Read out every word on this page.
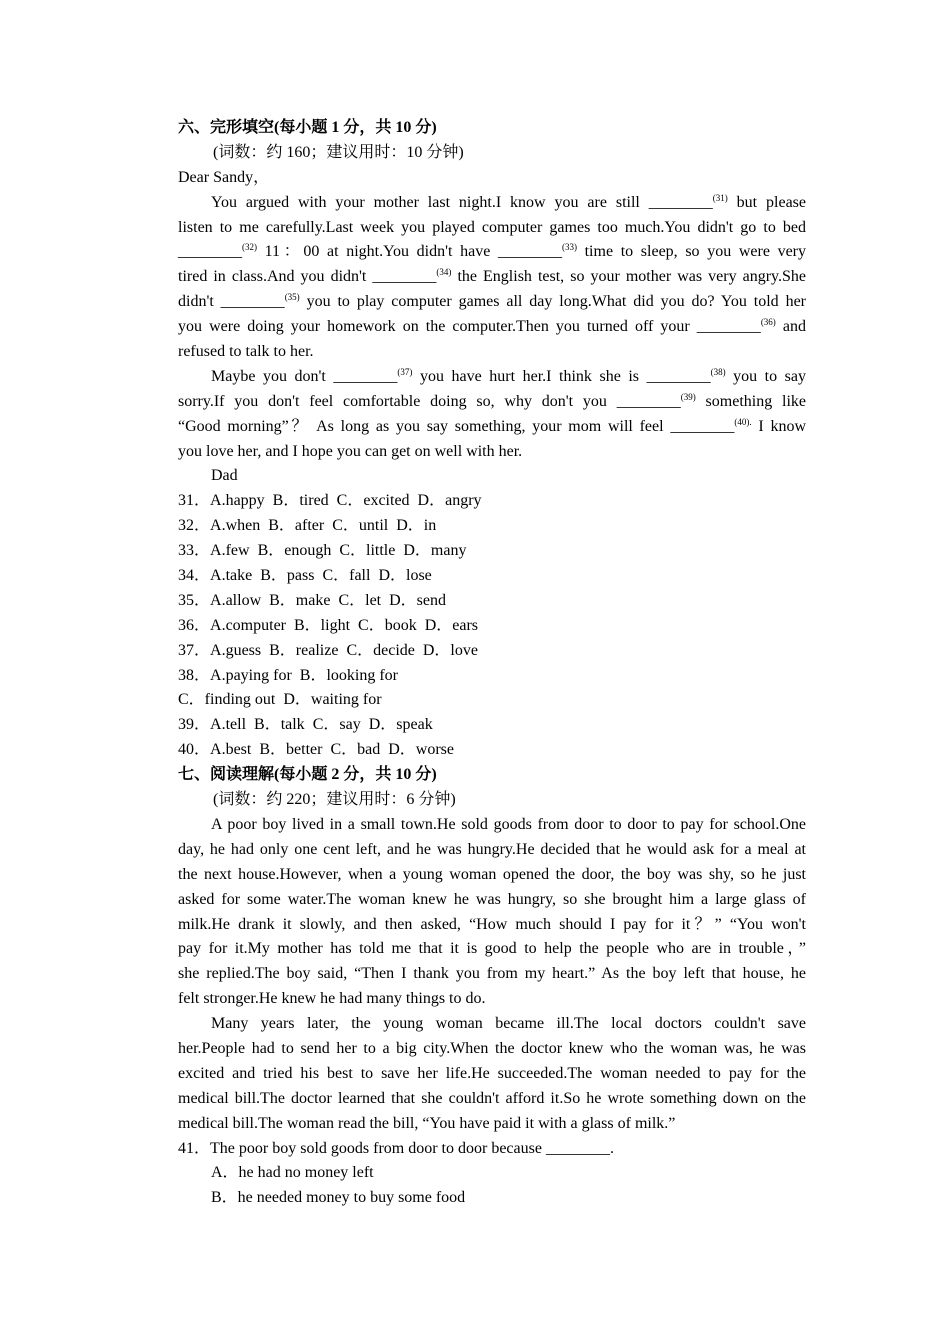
六、完形填空(每小题 1 分，共 10 分)
(词数：约 160；建议用时：10 分钟)
Dear Sandy，
You argued with your mother last night.I know you are still ________$^{(31)}$ but please
listen to me carefully.Last week you played computer games too much.You didn't go to bed
________$^{(32)}$ 11：00 at night.You didn't have ________$^{(33)}$ time to sleep, so you were very
tired in class.And you didn't ________$^{(34)}$ the English test, so your mother was very angry.She
didn't ________$^{(35)}$ you to play computer games all day long.What did you do? You told her
you were doing your homework on the computer.Then you turned off your ________$^{(36)}$ and
refused to talk to her.
Maybe you don't ________$^{(37)}$ you have hurt her.I think she is ________$^{(38)}$ you to say
sorry.If you don't feel comfortable doing so, why don't you ________$^{(39)}$ something like
“Good morning”？ As long as you say something, your mom will feel ________$^{(40).}$ I know
you love her, and I hope you can get on well with her.
Dad
31．A.happy B．tired C．excited D．angry
32．A.when B．after C．until D．in
33．A.few B．enough C．little D．many
34．A.take B．pass C．fall D．lose
35．A.allow B．make C．let D．send
36．A.computer B．light C．book D．ears
37．A.guess B．realize C．decide D．love
38．A.paying for B．looking for
C．finding out D．waiting for
39．A.tell B．talk C．say D．speak
40．A.best B．better C．bad D．worse
七、阅读理解(每小题 2 分，共 10 分)
(词数：约 220；建议用时：6 分钟)
A poor boy lived in a small town.He sold goods from door to door to pay for school.One
day, he had only one cent left, and he was hungry.He decided that he would ask for a meal at
the next house.However, when a young woman opened the door, the boy was shy, so he just
asked for some water.The woman knew he was hungry, so she brought him a large glass of
milk.He drank it slowly, and then asked, “How much should I pay for it？” “You won't
pay for it.My mother has told me that it is good to help the people who are in trouble，”
she replied.The boy said, “Then I thank you from my heart.” As the boy left that house, he
felt stronger.He knew he had many things to do.
Many years later, the young woman became ill.The local doctors couldn't save
her.People had to send her to a big city.When the doctor knew who the woman was, he was
excited and tried his best to save her life.He succeeded.The woman needed to pay for the
medical bill.The doctor learned that she couldn't afford it.So he wrote something down on the
medical bill.The woman read the bill, “You have paid it with a glass of milk.”
41．The poor boy sold goods from door to door because ________.
A．he had no money left
B．he needed money to buy some food
